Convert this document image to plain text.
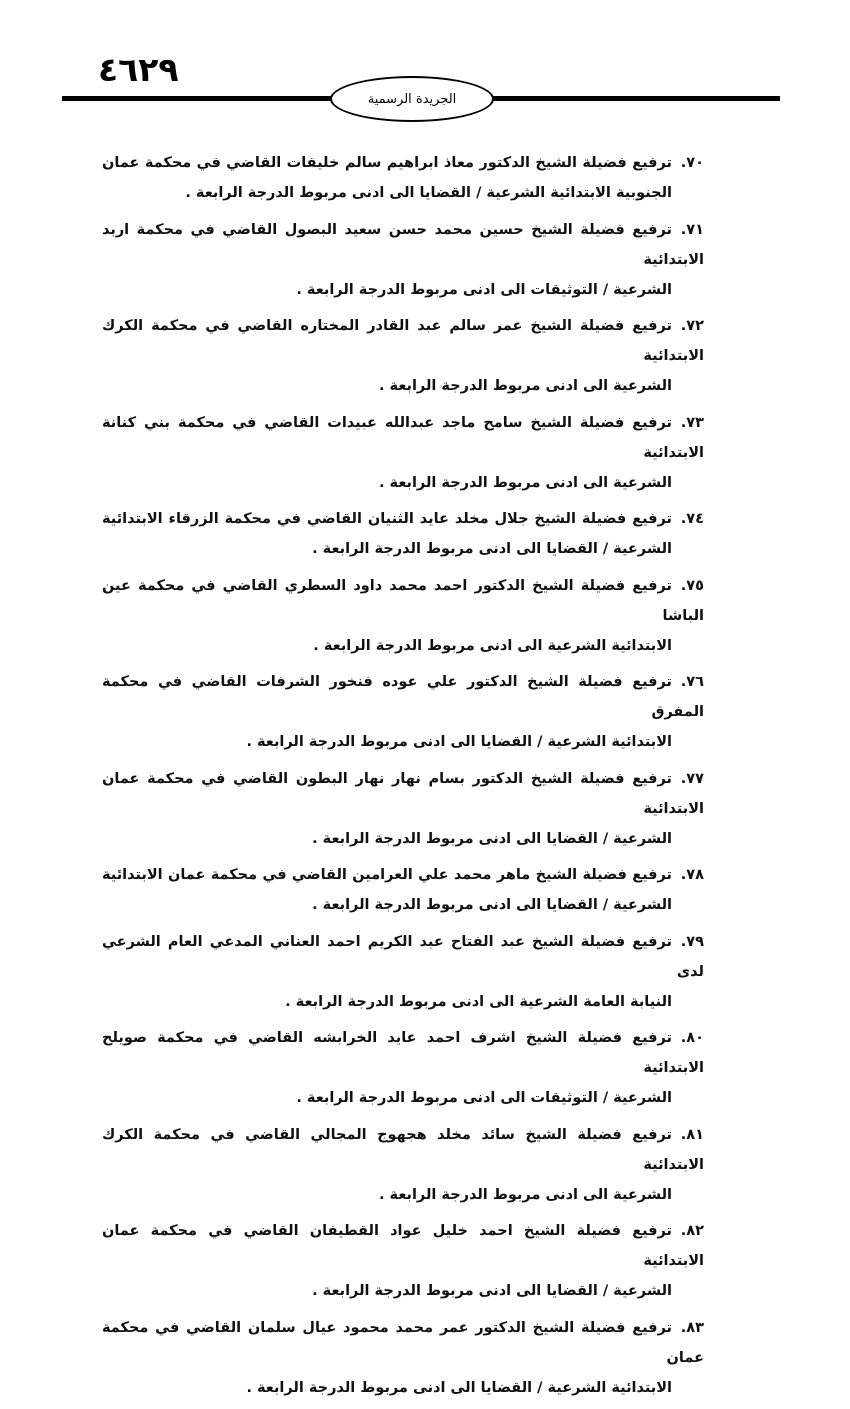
٤٦٢٩
الجريدة الرسمية
٧٠.ترفيع فضيلة الشيخ الدكتور معاذ ابراهيم سالم خليفات القاضي في محكمة عمان
الجنوبية الابتدائية الشرعية / القضايا الى ادنى مربوط الدرجة الرابعة .
٧١.ترفيع فضيلة الشيخ حسين محمد حسن سعيد البصول القاضي في محكمة اربد الابتدائية
الشرعية / التوثيقات الى ادنى مربوط الدرجة الرابعة .
٧٢.ترفيع فضيلة الشيخ عمر سالم عبد القادر المختاره القاضي في محكمة الكرك الابتدائية
الشرعية الى ادنى مربوط الدرجة الرابعة .
٧٣.ترفيع فضيلة الشيخ سامح ماجد عبدالله عبيدات القاضي في محكمة بني كنانة الابتدائية
الشرعية الى ادنى مربوط الدرجة الرابعة .
٧٤.ترفيع فضيلة الشيخ جلال مخلد عايد الثنيان القاضي في محكمة الزرقاء الابتدائية
الشرعية / القضايا الى ادنى مربوط الدرجة الرابعة .
٧٥.ترفيع فضيلة الشيخ الدكتور احمد محمد داود السطري القاضي في محكمة عين الباشا
الابتدائية الشرعية الى ادنى مربوط الدرجة الرابعة .
٧٦.ترفيع فضيلة الشيخ الدكتور علي عوده فنخور الشرفات القاضي في محكمة المفرق
الابتدائية الشرعية / القضايا الى ادنى مربوط الدرجة الرابعة .
٧٧.ترفيع فضيلة الشيخ الدكتور بسام نهار نهار البطون القاضي في محكمة عمان الابتدائية
الشرعية / القضايا الى ادنى مربوط الدرجة الرابعة .
٧٨.ترفيع فضيلة الشيخ ماهر محمد علي العرامين القاضي في محكمة عمان الابتدائية
الشرعية / القضايا الى ادنى مربوط الدرجة الرابعة .
٧٩.ترفيع فضيلة الشيخ عبد الفتاح عبد الكريم احمد العناني المدعي العام الشرعي لدى
النيابة العامة الشرعية الى ادنى مربوط الدرجة الرابعة .
٨٠.ترفيع فضيلة الشيخ اشرف احمد عايد الخرابشه القاضي في محكمة صويلح الابتدائية
الشرعية / التوثيقات الى ادنى مربوط الدرجة الرابعة .
٨١.ترفيع فضيلة الشيخ سائد مخلد هجهوج المجالي القاضي في محكمة الكرك الابتدائية
الشرعية الى ادنى مربوط الدرجة الرابعة .
٨٢.ترفيع فضيلة الشيخ احمد خليل عواد القطيفان القاضي في محكمة عمان الابتدائية
الشرعية / القضايا الى ادنى مربوط الدرجة الرابعة .
٨٣.ترفيع فضيلة الشيخ الدكتور عمر محمد محمود عيال سلمان القاضي في محكمة عمان
الابتدائية الشرعية / القضايا الى ادنى مربوط الدرجة الرابعة .
